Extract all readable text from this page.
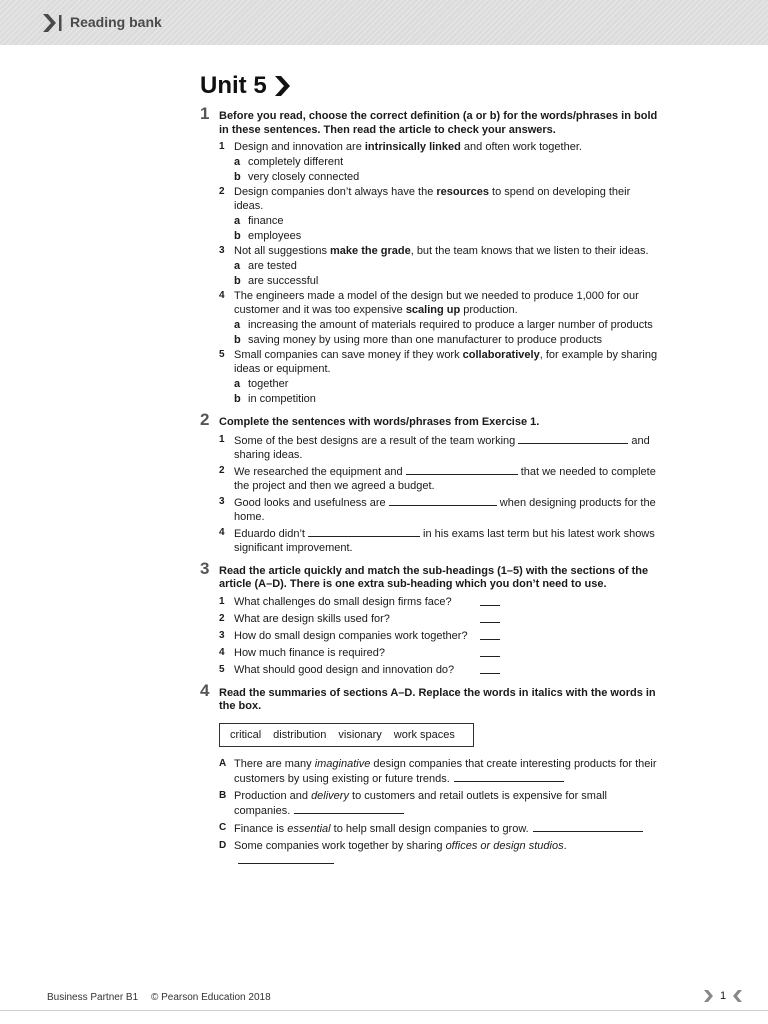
Reading bank
Unit 5
1 Before you read, choose the correct definition (a or b) for the words/phrases in bold in these sentences. Then read the article to check your answers.
1 Design and innovation are intrinsically linked and often work together.
a completely different
b very closely connected
2 Design companies don’t always have the resources to spend on developing their ideas.
a finance
b employees
3 Not all suggestions make the grade, but the team knows that we listen to their ideas.
a are tested
b are successful
4 The engineers made a model of the design but we needed to produce 1,000 for our customer and it was too expensive scaling up production.
a increasing the amount of materials required to produce a larger number of products
b saving money by using more than one manufacturer to produce products
5 Small companies can save money if they work collaboratively, for example by sharing ideas or equipment.
a together
b in competition
2 Complete the sentences with words/phrases from Exercise 1.
1 Some of the best designs are a result of the team working	and sharing ideas.
2 We researched the equipment and	that we needed to complete the project and then we agreed a budget.
3 Good looks and usefulness are	when designing products for the home.
4 Eduardo didn’t	in his exams last term but his latest work shows significant improvement.
3 Read the article quickly and match the sub-headings (1–5) with the sections of the article (A–D). There is one extra sub-heading which you don’t need to use.
1 What challenges do small design firms face?
2 What are design skills used for?
3 How do small design companies work together?
4 How much finance is required?
5 What should good design and innovation do?
4 Read the summaries of sections A–D. Replace the words in italics with the words in the box.
critical distribution visionary work spaces
A There are many imaginative design companies that create interesting products for their customers by using existing or future trends.
B Production and delivery to customers and retail outlets is expensive for small companies.
C Finance is essential to help small design companies to grow.
D Some companies work together by sharing offices or design studios.
Business Partner B1 © Pearson Education 2018	1
